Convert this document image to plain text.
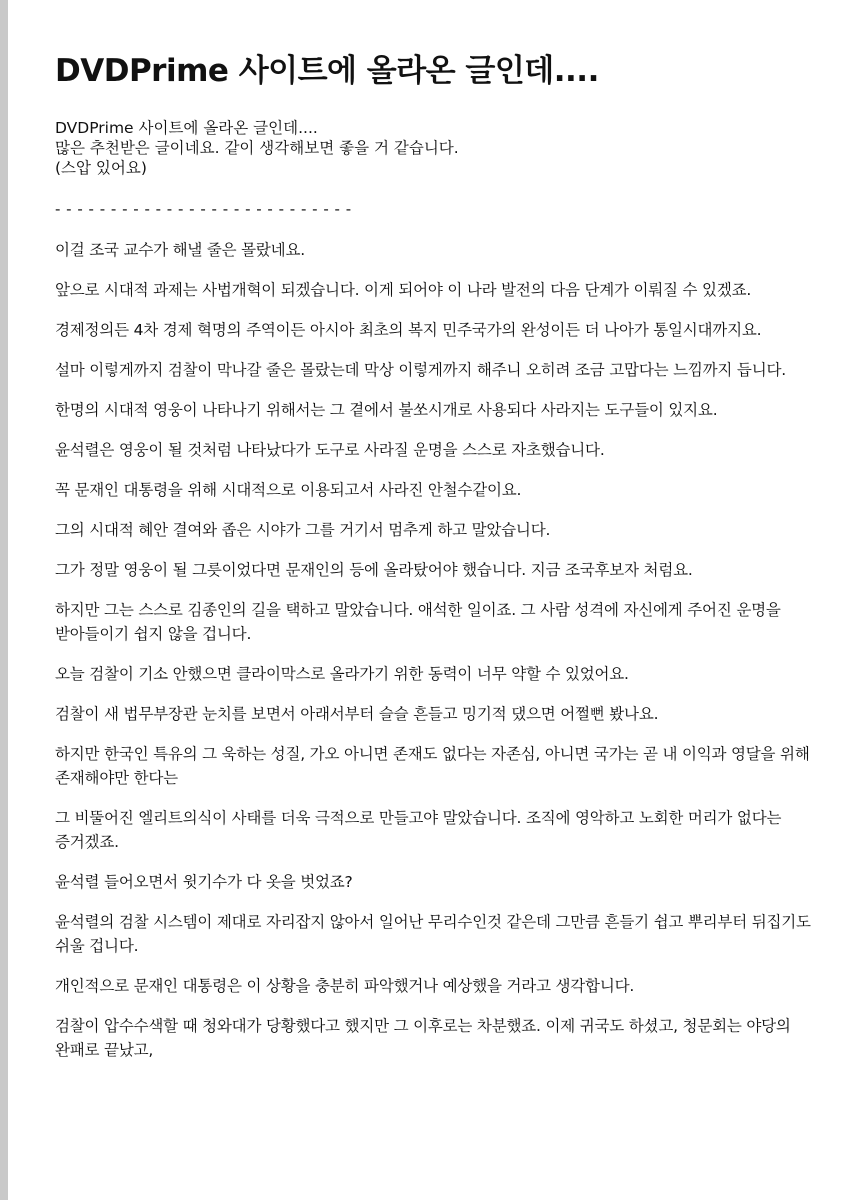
DVDPrime 사이트에 올라온 글인데....
DVDPrime 사이트에 올라온 글인데....
많은 추천받은 글이네요. 같이 생각해보면 좋을 거 같습니다.
(스압 있어요)
- - - - - - - - - - - - - - - - - - - - - - - - - - -

이걸 조국 교수가 해낼 줄은 몰랐네요.

앞으로 시대적 과제는 사법개혁이 되겠습니다. 이게 되어야 이 나라 발전의 다음 단계가 이뤄질 수 있겠죠.

경제정의든 4차 경제 혁명의 주역이든 아시아 최초의 복지 민주국가의 완성이든 더 나아가 통일시대까지요.

설마 이렇게까지 검찰이 막나갈 줄은 몰랐는데 막상 이렇게까지 해주니 오히려 조금 고맙다는 느낌까지 듭니다.

한명의 시대적 영웅이 나타나기 위해서는 그 곁에서 불쏘시개로 사용되다 사라지는 도구들이 있지요.

윤석렬은 영웅이 될 것처럼 나타났다가 도구로 사라질 운명을 스스로 자초했습니다.

꼭 문재인 대통령을 위해 시대적으로 이용되고서 사라진 안철수같이요.

그의 시대적 혜안 결여와 좁은 시야가 그를 거기서 멈추게 하고 말았습니다.

그가 정말 영웅이 될 그릇이었다면 문재인의 등에 올라탔어야 했습니다. 지금 조국후보자 처럼요.

하지만 그는 스스로 김종인의 길을 택하고 말았습니다. 애석한 일이죠. 그 사람 성격에 자신에게 주어진 운명을 받아들이기 쉽지 않을 겁니다.

오늘 검찰이 기소 안했으면 클라이막스로 올라가기 위한 동력이 너무 약할 수 있었어요.

검찰이 새 법무부장관 눈치를 보면서 아래서부터 슬슬 흔들고 밍기적 댔으면 어쩔뻔 봤나요.

하지만 한국인 특유의 그 욱하는 성질, 가오 아니면 존재도 없다는 자존심, 아니면 국가는 곧 내 이익과 영달을 위해 존재해야만 한다는

그 비뚤어진 엘리트의식이 사태를 더욱 극적으로 만들고야 말았습니다. 조직에 영악하고 노회한 머리가 없다는 증거겠죠.

윤석렬 들어오면서 윗기수가 다 옷을 벗었죠?

윤석렬의 검찰 시스템이 제대로 자리잡지 않아서 일어난 무리수인것 같은데 그만큼 흔들기 쉽고 뿌리부터 뒤집기도 쉬울 겁니다.

개인적으로 문재인 대통령은 이 상황을 충분히 파악했거나 예상했을 거라고 생각합니다.

검찰이 압수수색할 때 청와대가 당황했다고 했지만 그 이후로는 차분했죠. 이제 귀국도 하셨고, 청문회는 야당의 완패로 끝났고,
